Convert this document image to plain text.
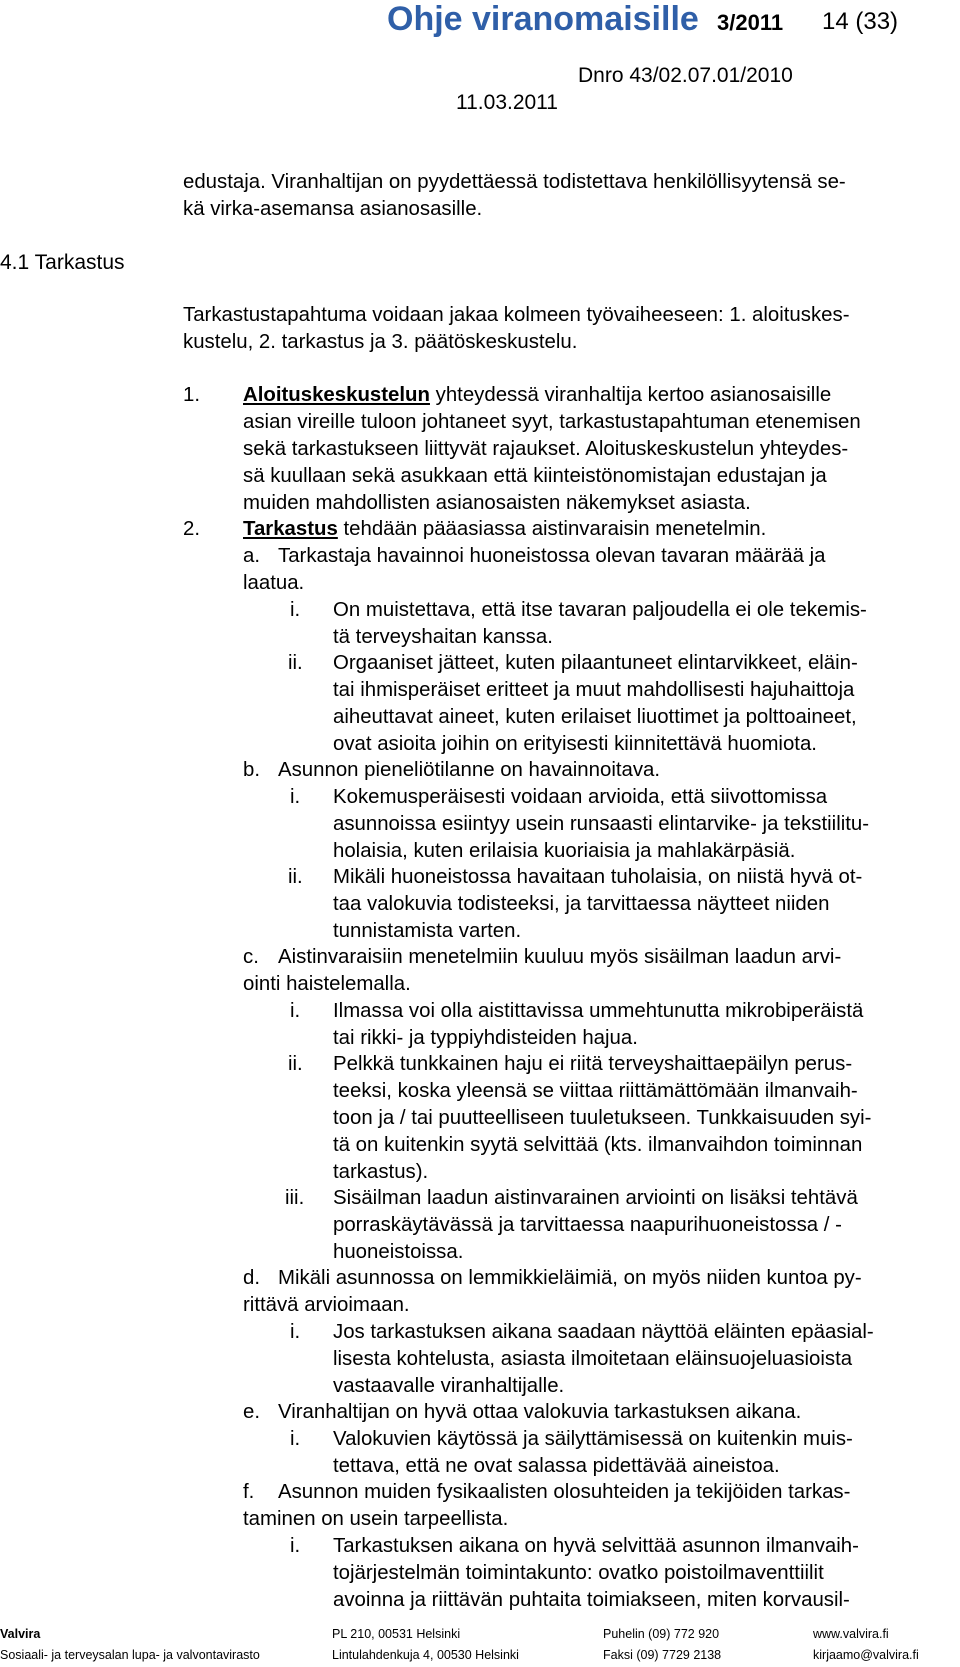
Ohje viranomaisille 3/2011 14 (33)
Dnro 43/02.07.01/2010
11.03.2011
4.1 Tarkastus
edustaja. Viranhaltijan on pyydettäessä todistettava henkilöllisyytensä se-
kä virka-asemansa asianosasille.
Tarkastustapahtuma voidaan jakaa kolmeen työvaiheeseen: 1. aloituskes-
kustelu, 2. tarkastus ja 3. päätöskeskustelu.
1. Aloituskeskustelun yhteydessä viranhaltija kertoo asianosaisille
asian vireille tuloon johtaneet syyt, tarkastustapahtuman etenemisen
sekä tarkastukseen liittyvät rajaukset. Aloituskeskustelun yhteydes-
sä kuullaan sekä asukkaan että kiinteistönomistajan edustajan ja
muiden mahdollisten asianosaisten näkemykset asiasta.
2. Tarkastus tehdään pääasiassa aistinvaraisin menetelmin.
a. Tarkastaja havainnoi huoneistossa olevan tavaran määrää ja
laatua.
i. On muistettava, että itse tavaran paljoudella ei ole tekemis-
tä terveyshaitan kanssa.
ii. Orgaaniset jätteet, kuten pilaantuneet elintarvikkeet, eläin-
tai ihmisperäiset eritteet ja muut mahdollisesti hajuhaittoja
aiheuttavat aineet, kuten erilaiset liuottimet ja polttoaineet,
ovat asioita joihin on erityisesti kiinnitettävä huomiota.
b. Asunnon pieneliötilanne on havainnoitava.
i. Kokemusperäisesti voidaan arvioida, että siivottomissa
asunnoissa esiintyy usein runsaasti elintarvike- ja tekstiilitu-
holaisia, kuten erilaisia kuoriaisia ja mahlakärpäsiä.
ii. Mikäli huoneistossa havaitaan tuholaisia, on niistä hyvä ot-
taa valokuvia todisteeksi, ja tarvittaessa näytteet niiden
tunnistamista varten.
c. Aistinvaraisiin menetelmiin kuuluu myös sisäilman laadun arvi-
ointi haistelemalla.
i. Ilmassa voi olla aistittavissa ummehtunutta mikrobiperäistä
tai rikki- ja typpiyhdisteiden hajua.
ii. Pelkkä tunkkainen haju ei riitä terveyshaittaepäilyn perus-
teeksi, koska yleensä se viittaa riittämättömään ilmanvaih-
toon ja / tai puutteelliseen tuuletukseen. Tunkkaisuuden syi-
tä on kuitenkin syytä selvittää (kts. ilmanvaihdon toiminnan
tarkastus).
iii. Sisäilman laadun aistinvarainen arviointi on lisäksi tehtävä
porraskäytävässä ja tarvittaessa naapurihuoneistossa / -
huoneistoissa.
d. Mikäli asunnossa on lemmikkieläimiä, on myös niiden kuntoa py-
rittävä arvioimaan.
i. Jos tarkastuksen aikana saadaan näyttöä eläinten epäasial-
lisesta kohtelusta, asiasta ilmoitetaan eläinsuojeluasioista
vastaavalle viranhaltijalle.
e. Viranhaltijan on hyvä ottaa valokuvia tarkastuksen aikana.
i. Valokuvien käytössä ja säilyttämisessä on kuitenkin muis-
tettava, että ne ovat salassa pidettävää aineistoa.
f. Asunnon muiden fysikaalisten olosuhteiden ja tekijöiden tarkas-
taminen on usein tarpeellista.
i. Tarkastuksen aikana on hyvä selvittää asunnon ilmanvaih-
tojärjestelmän toimintakunto: ovatko poistoilmaventtiilit
avoinna ja riittävän puhtaita toimiakseen, miten korvausil-
Valvira
Sosiaali- ja terveysalan lupa- ja valvontavirasto
PL 210, 00531 Helsinki
Lintulahdenkuja 4, 00530 Helsinki
Puhelin (09) 772 920
Faksi (09) 7729 2138
www.valvira.fi
kirjaamo@valvira.fi
